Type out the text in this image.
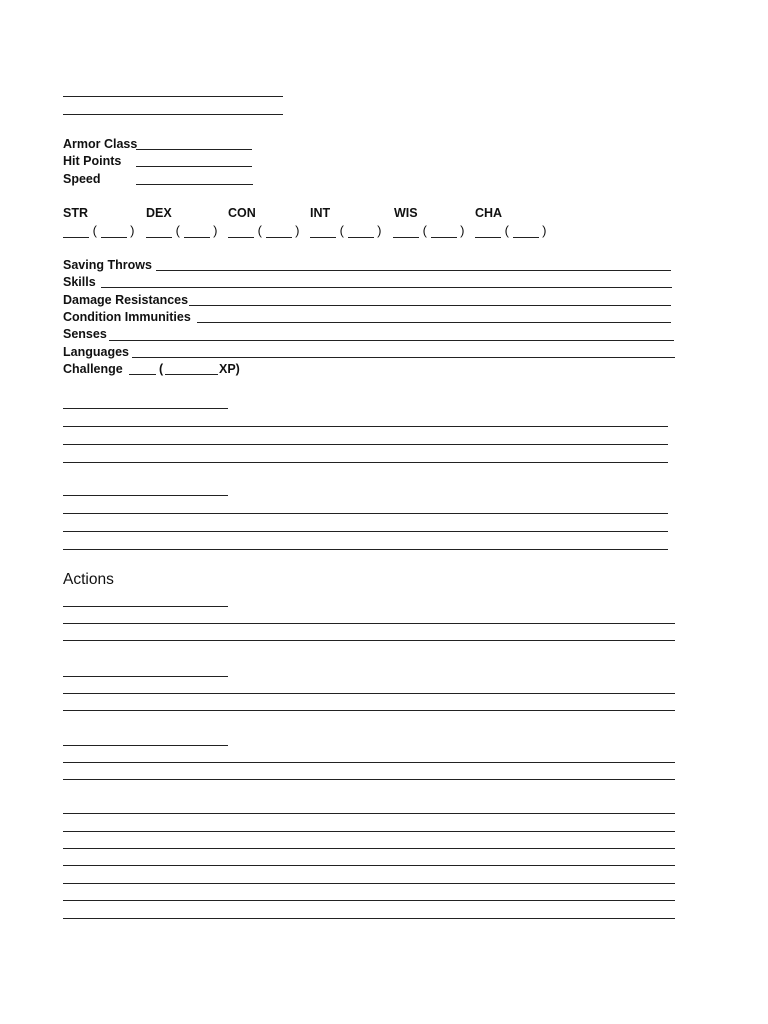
Armor Class
Hit Points
Speed
STR	DEX	CON	INT	WIS	CHA
(  )	(  )	(  )	(  )	(  )	(  )
Saving Throws
Skills
Damage Resistances
Condition Immunities
Senses
Languages
Challenge	(	XP)
Actions
